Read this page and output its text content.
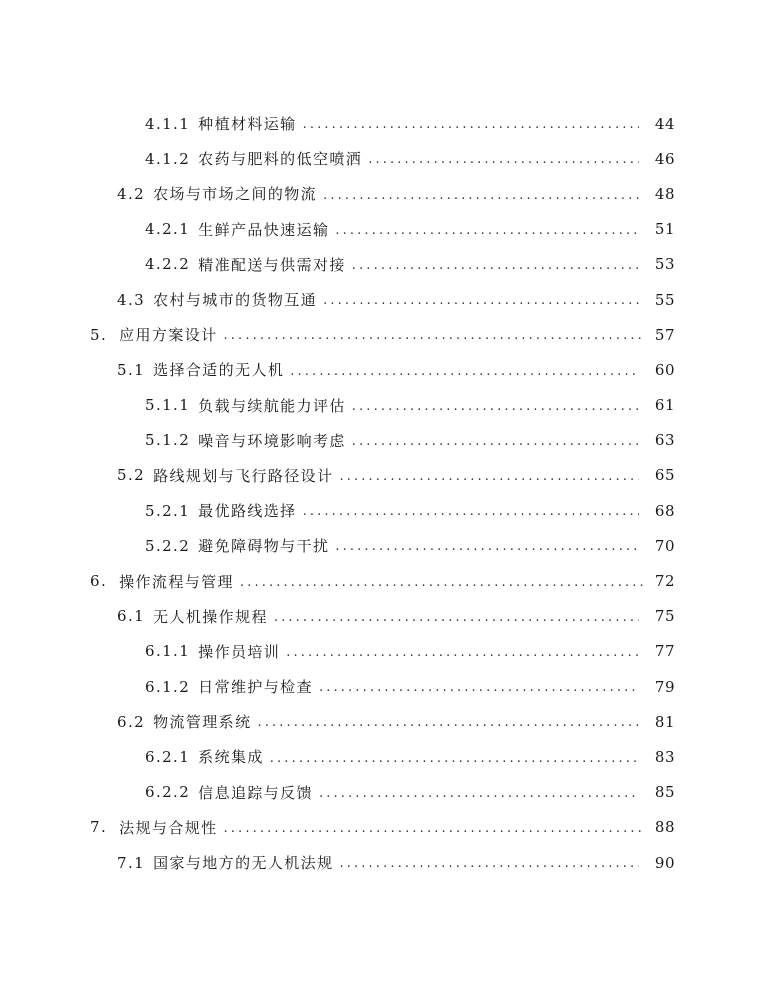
4.1.1 种植材料运输 . . .	44
4.1.2 农药与肥料的低空喷洒 . . .	46
4.2 农场与市场之间的物流 . . .	48
4.2.1 生鲜产品快速运输 . . .	51
4.2.2 精准配送与供需对接 . . .	53
4.3 农村与城市的货物互通 . . .	55
5. 应用方案设计 . . .	57
5.1 选择合适的无人机 . . .	60
5.1.1 负载与续航能力评估 . . .	61
5.1.2 噪音与环境影响考虑 . . .	63
5.2 路线规划与飞行路径设计 . . .	65
5.2.1 最优路线选择 . . .	68
5.2.2 避免障碍物与干扰 . . .	70
6. 操作流程与管理 . . .	72
6.1 无人机操作规程 . . .	75
6.1.1 操作员培训 . . .	77
6.1.2 日常维护与检查 . . .	79
6.2 物流管理系统 . . .	81
6.2.1 系统集成 . . .	83
6.2.2 信息追踪与反馈 . . .	85
7. 法规与合规性 . . .	88
7.1 国家与地方的无人机法规 . . .	90
